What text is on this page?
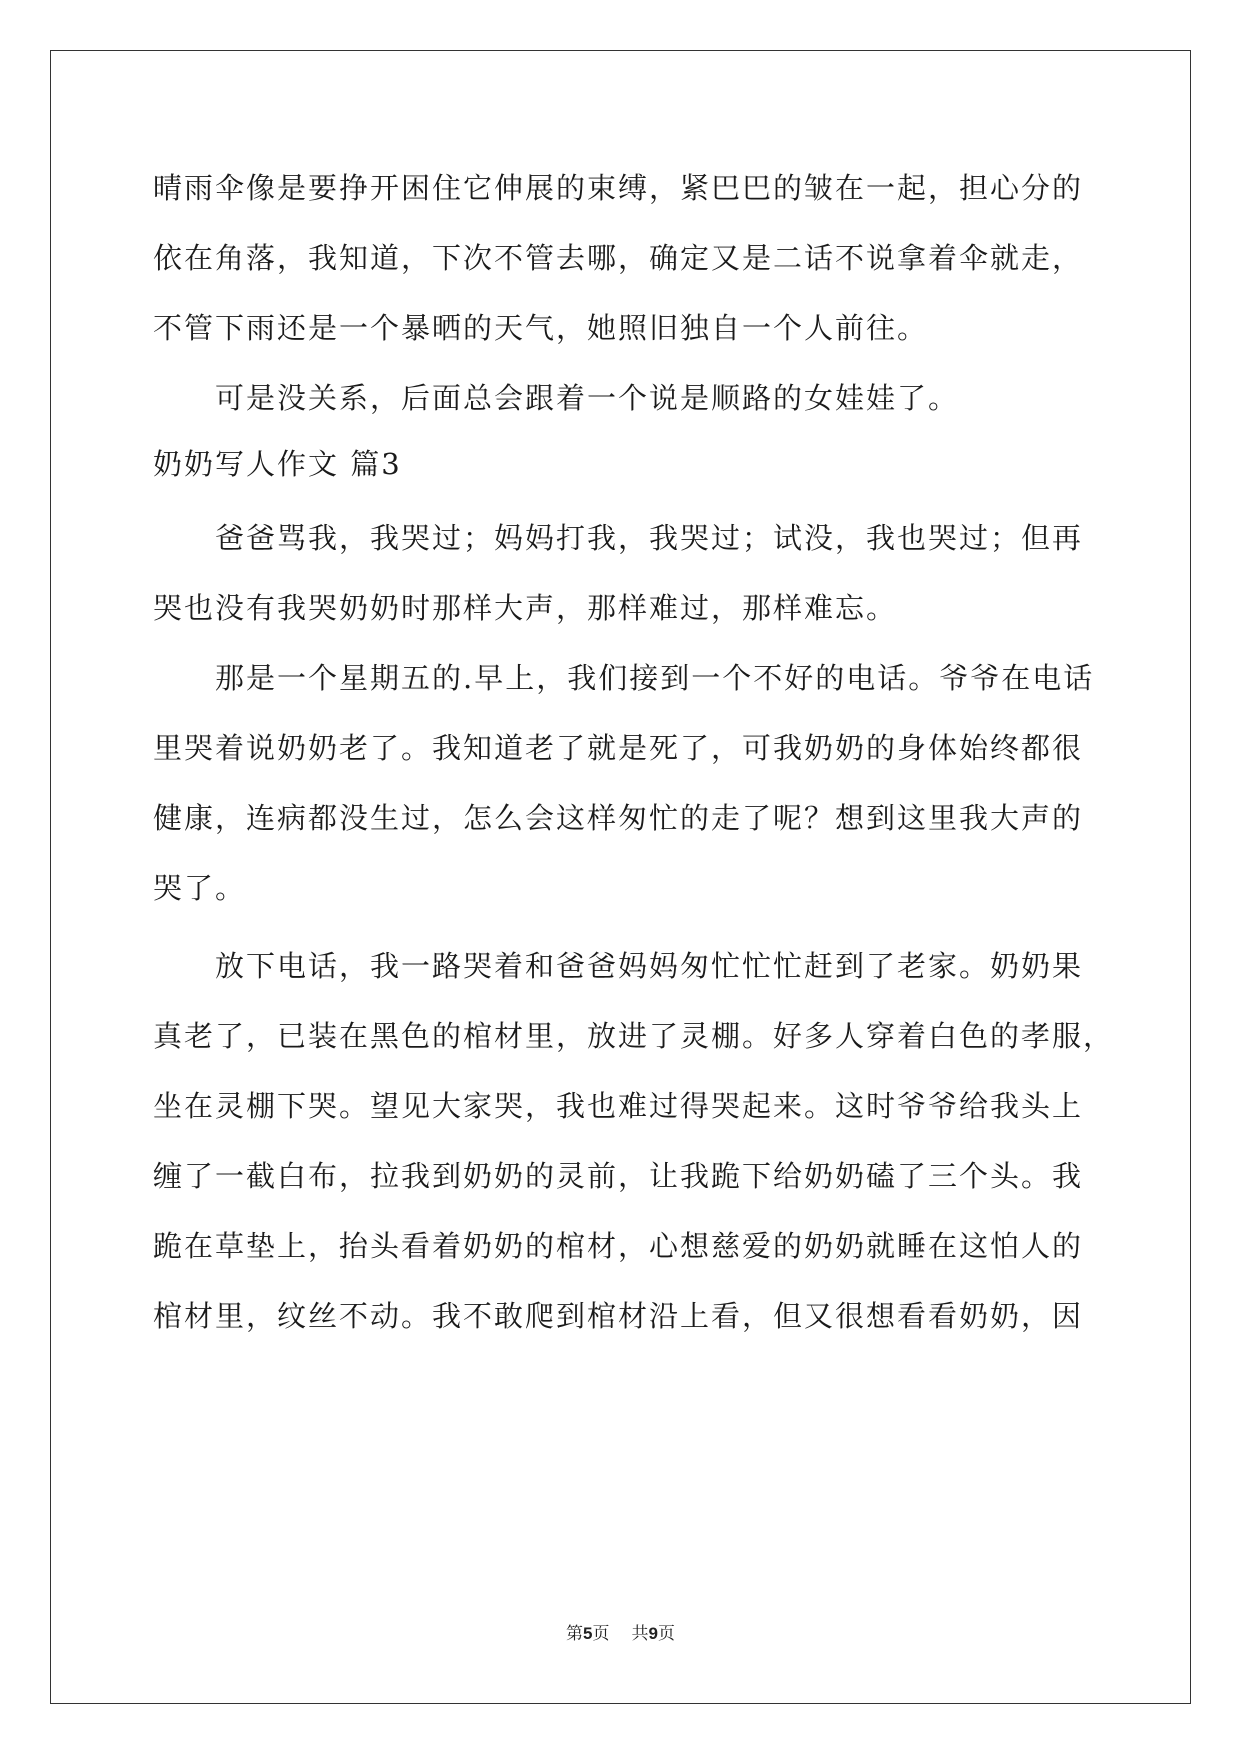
晴雨伞像是要挣开困住它伸展的束缚，紧巴巴的皱在一起，担心分的
依在角落，我知道，下次不管去哪，确定又是二话不说拿着伞就走，
不管下雨还是一个暴晒的天气，她照旧独自一个人前往。
　　可是没关系，后面总会跟着一个说是顺路的女娃娃了。
奶奶写人作文 篇3
　　爸爸骂我，我哭过；妈妈打我，我哭过；试没，我也哭过；但再
哭也没有我哭奶奶时那样大声，那样难过，那样难忘。
　　那是一个星期五的.早上，我们接到一个不好的电话。爷爷在电话
里哭着说奶奶老了。我知道老了就是死了，可我奶奶的身体始终都很
健康，连病都没生过，怎么会这样匆忙的走了呢？想到这里我大声的
哭了。
　　放下电话，我一路哭着和爸爸妈妈匆忙忙忙赶到了老家。奶奶果
真老了，已装在黑色的棺材里，放进了灵棚。好多人穿着白色的孝服，
坐在灵棚下哭。望见大家哭，我也难过得哭起来。这时爷爷给我头上
缠了一截白布，拉我到奶奶的灵前，让我跪下给奶奶磕了三个头。我
跪在草垫上，抬头看着奶奶的棺材，心想慈爱的奶奶就睡在这怕人的
棺材里，纹丝不动。我不敢爬到棺材沿上看，但又很想看看奶奶，因
第5页 共9页
